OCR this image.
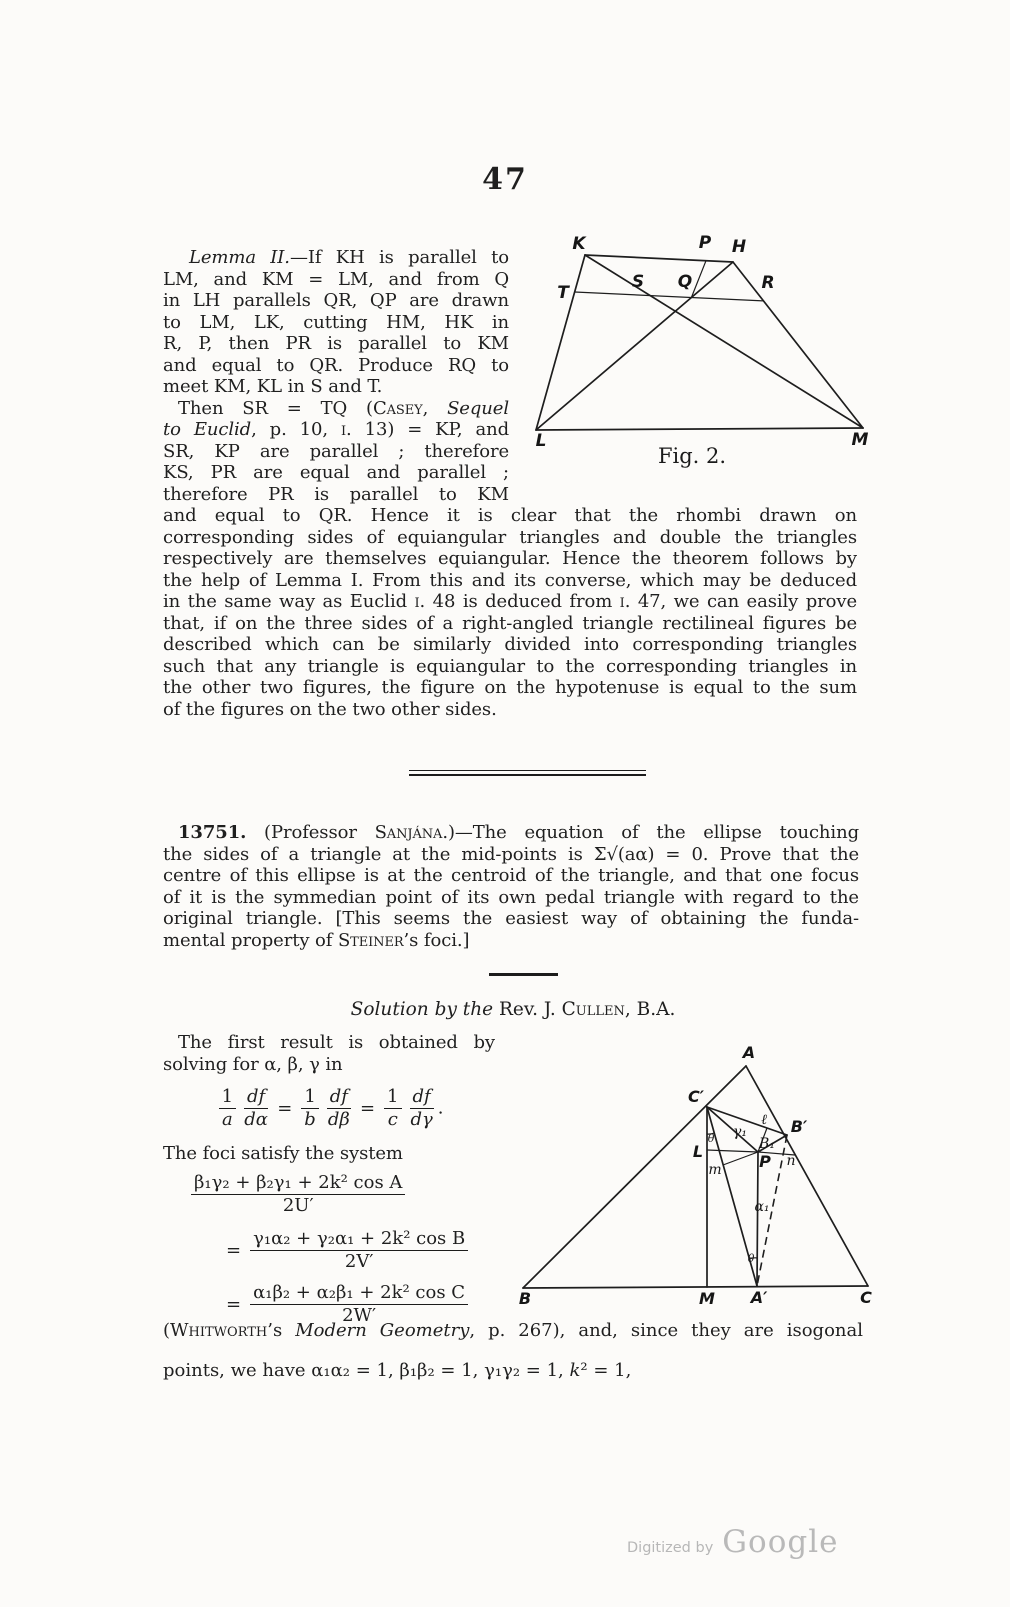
47
Lemma II.—If KH is parallel to
LM, and KM = LM, and from Q
in LH parallels QR, QP are drawn
to LM, LK, cutting HM, HK in
R, P, then PR is parallel to KM
and equal to QR. Produce RQ to
meet KM, KL in S and T.
Then SR = TQ (Casey, Sequel
to Euclid, p. 10, i. 13) = KP, and
SR, KP are parallel ; therefore
KS, PR are equal and parallel ;
therefore PR is parallel to KM
K	P H
T
S Q	R
L	M
Fig. 2.
and equal to QR. Hence it is clear that the rhombi drawn on
corresponding sides of equiangular triangles and double the triangles
respectively are themselves equiangular. Hence the theorem follows by
the help of Lemma I. From this and its converse, which may be deduced
in the same way as Euclid i. 48 is deduced from i. 47, we can easily prove
that, if on the three sides of a right-angled triangle rectilineal figures be
described which can be similarly divided into corresponding triangles
such that any triangle is equiangular to the corresponding triangles in
the other two figures, the figure on the hypotenuse is equal to the sum
of the figures on the two other sides.
13751. (Professor Sanjána.)—The equation of the ellipse touching
the sides of a triangle at the mid-points is Σ√(aα) = 0. Prove that the
centre of this ellipse is at the centroid of the triangle, and that one focus
of it is the symmedian point of its own pedal triangle with regard to the
original triangle. [This seems the easiest way of obtaining the funda-
mental property of Steiner’s foci.]
Solution by the Rev. J. Cullen, B.A.
The first result is obtained by
solving for α, β, γ in
$\frac{1}{a} \frac{df}{d\alpha} = \frac{1}{b} \frac{df}{d\beta} = \frac{1}{c} \frac{df}{d\gamma}$ .
The foci satisfy the system
$\frac{\text{β₁γ₂ + β₂γ₁ + 2k² cos A}}{2U'}$
= $\frac{\text{γ₁α₂ + γ₂α₁ + 2k² cos B}}{2V'}$
= $\frac{\text{α₁β₂ + α₂β₁ + 2k² cos C}}{2W'}$
A
B	C
C′
B′
M A′
P
L
ℓ
m
n
γ₁
B₁
α₁
θ
θ
(Whitworth’s Modern Geometry, p. 267), and, since they are isogonal
points, we have α₁α₂ = 1, β₁β₂ = 1, γ₁γ₂ = 1, k² = 1,
Digitized by Google
